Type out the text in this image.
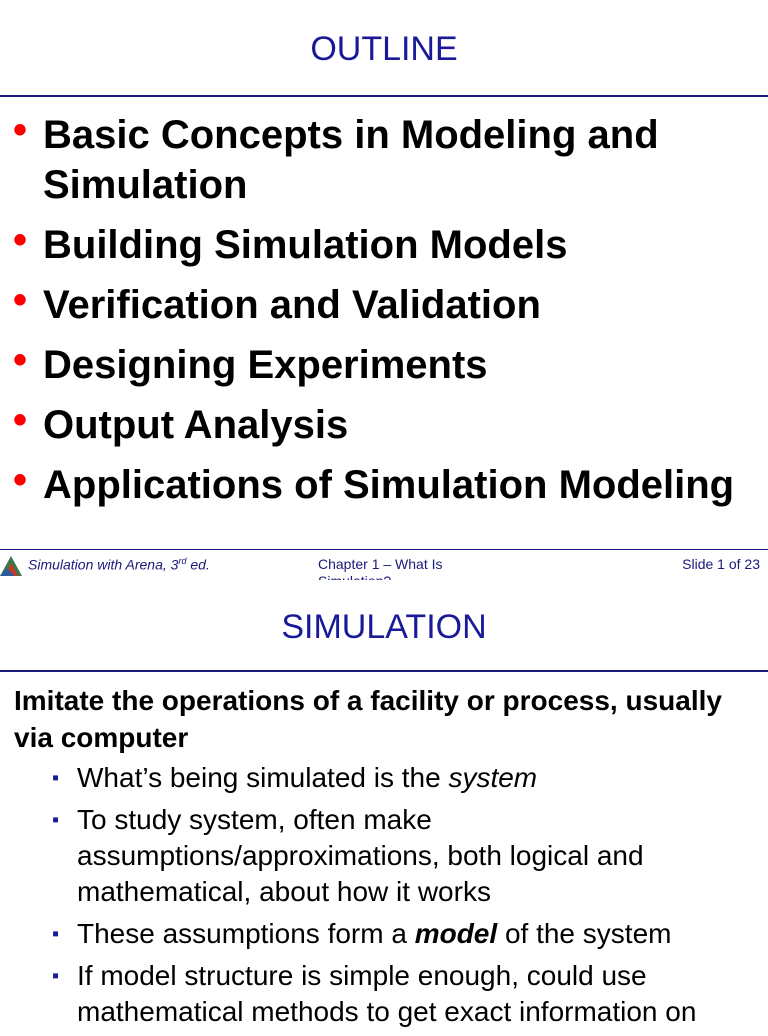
OUTLINE
• Basic Concepts in Modeling and Simulation
• Building Simulation Models
• Verification and Validation
• Designing Experiments
• Output Analysis
• Applications of Simulation Modeling
Simulation with Arena, 3rd ed.	Chapter 1 – What Is	Slide 1 of 23
SIMULATION
Imitate the operations of a facility or process, usually via computer
▪ What’s being simulated is the system
▪ To study system, often make assumptions/approximations, both logical and mathematical, about how it works
▪ These assumptions form a model of the system
▪ If model structure is simple enough, could use mathematical methods to get exact information on
